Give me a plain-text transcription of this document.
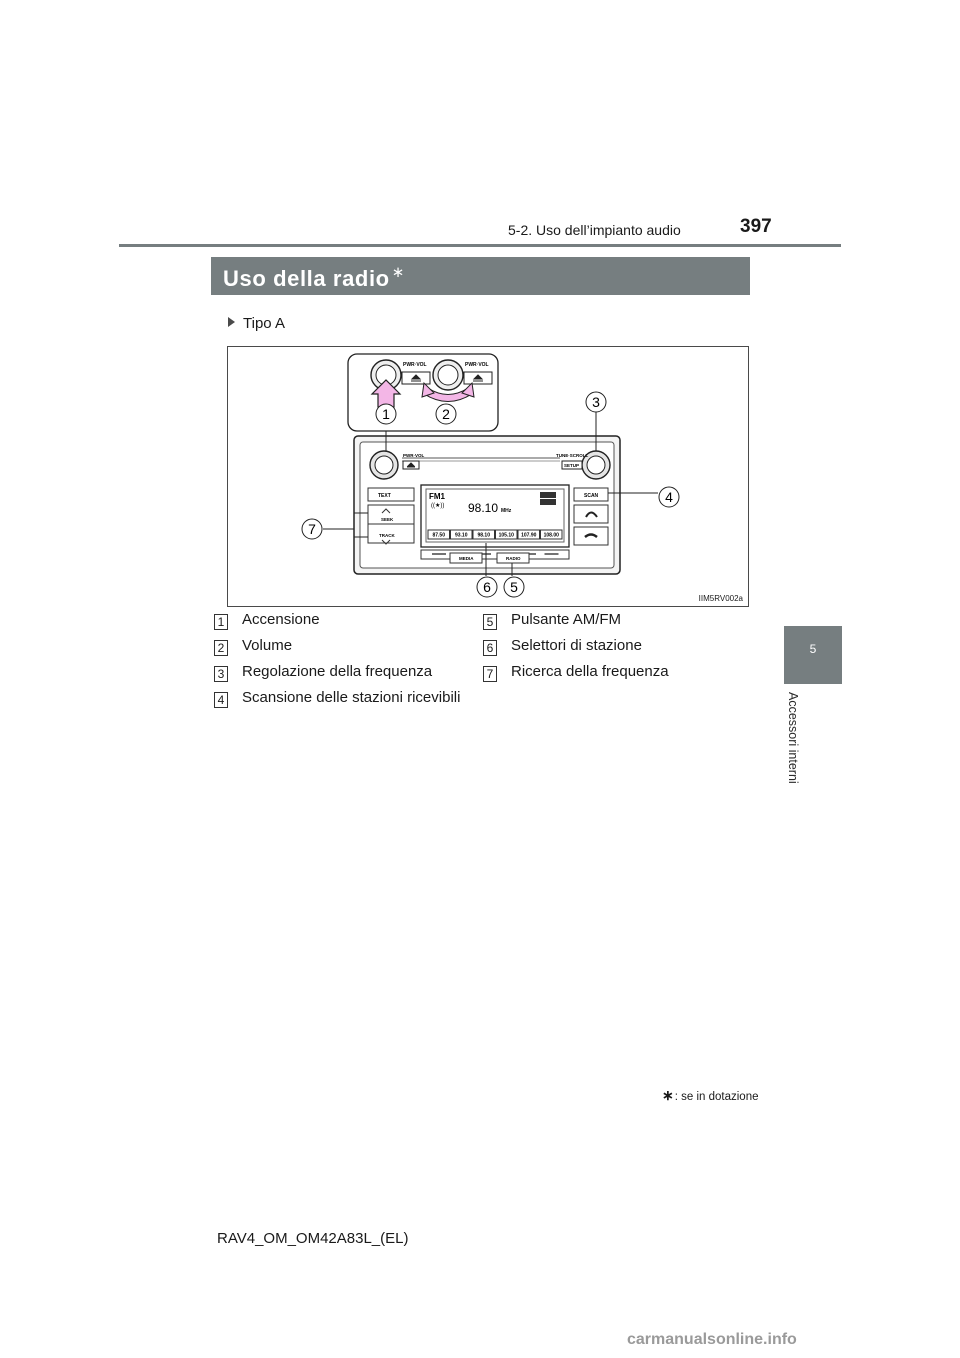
5-2. Uso dell’impianto audio	397
5
Accessori interni
Uso della radio ∗
Tipo A
PWR·VOL	PWR·VOL
PWR·VOL	TUNE·SCROLL
SETUP
TEXT
SEEK
TRACK
SCAN
FM1
((★)) 98.10 MHz
87.50 93.10 98.10 105.10 107.90 108.00
MEDIA	RADIO
1	2
3
4
5
6
7
IIM5RV002a
1 Accensione
2 Volume
3 Regolazione della frequenza
4 Scansione delle stazioni ricevibili
5 Pulsante AM/FM
6 Selettori di stazione
7 Ricerca della frequenza
∗: se in dotazione
RAV4_OM_OM42A83L_(EL)
carmanualsonline.info
